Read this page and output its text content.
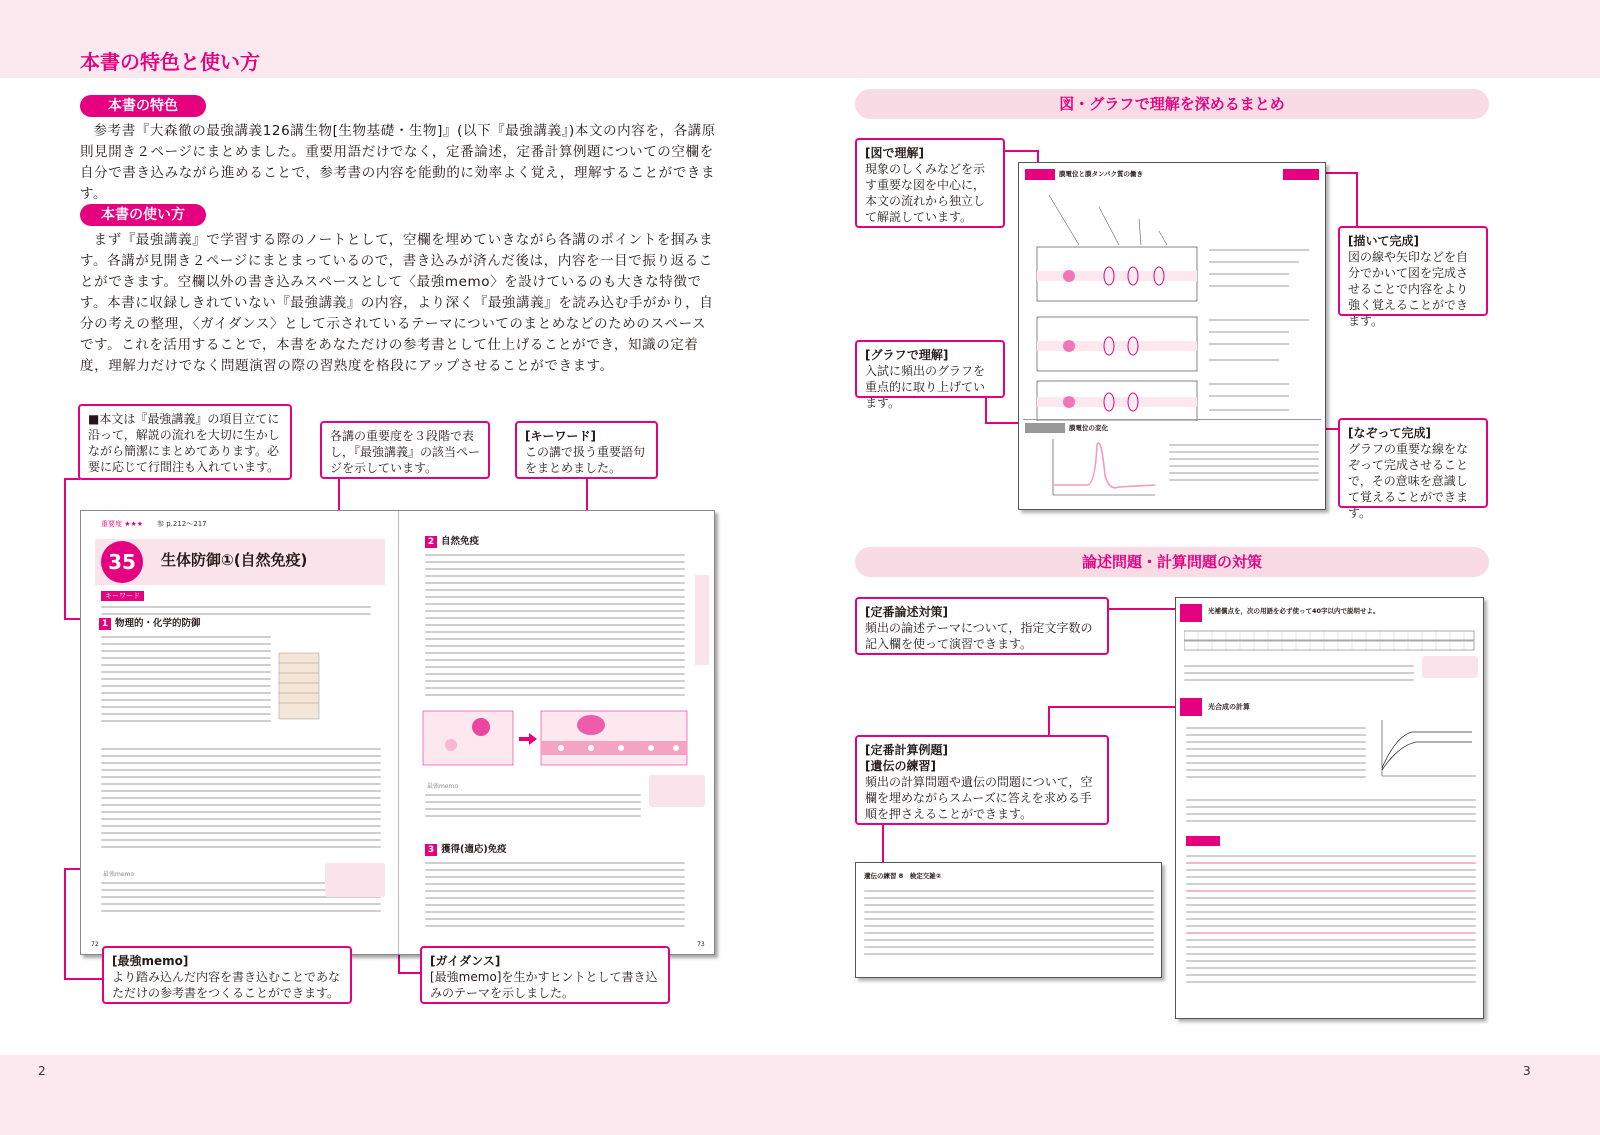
本書の特色と使い方
本書の特色
参考書『大森徹の最強講義126講生物[生物基礎・生物]』(以下『最強講義』)本文の内容を，各講原則見開き２ページにまとめました。重要用語だけでなく，定番論述，定番計算例題についての空欄を自分で書き込みながら進めることで，参考書の内容を能動的に効率よく覚え，理解することができます。
本書の使い方
まず『最強講義』で学習する際のノートとして，空欄を埋めていきながら各講のポイントを掴みます。各講が見開き２ページにまとまっているので，書き込みが済んだ後は，内容を一目で振り返ることができます。空欄以外の書き込みスペースとして〈最強memo〉を設けているのも大きな特徴です。本書に収録しきれていない『最強講義』の内容，より深く『最強講義』を読み込む手がかり，自分の考えの整理，〈ガイダンス〉として示されているテーマについてのまとめなどのためのスペースです。これを活用することで，本書をあなただけの参考書として仕上げることができ，知識の定着度，理解力だけでなく問題演習の際の習熟度を格段にアップさせることができます。
■本文は『最強講義』の項目立てに沿って，解説の流れを大切に生かしながら簡潔にまとめてあります。必要に応じて行間注も入れています。
各講の重要度を３段階で表し，『最強講義』の該当ページを示しています。
[キーワード]
この講で扱う重要語句をまとめました。
重要度 ★★★ 参 p.212〜217
35	生体防御①(自然免疫)
キーワード
1 物理的・化学的防御
最強memo
72
2 自然免疫
最強memo
3 獲得(適応)免疫
73
[最強memo]
より踏み込んだ内容を書き込むことであなただけの参考書をつくることができます。
[ガイダンス]
[最強memo]を生かすヒントとして書き込みのテーマを示しました。
図・グラフで理解を深めるまとめ
[図で理解]
現象のしくみなどを示す重要な図を中心に，本文の流れから独立して解説しています。
[グラフで理解]
入試に頻出のグラフを重点的に取り上げています。
[描いて完成]
図の線や矢印などを自分でかいて図を完成させることで内容をより強く覚えることができます。
[なぞって完成]
グラフの重要な線をなぞって完成させることで，その意味を意識して覚えることができます。
膜電位と膜タンパク質の働き
膜電位の変化
論述問題・計算問題の対策
[定番論述対策]
頻出の論述テーマについて，指定文字数の記入欄を使って演習できます。
[定番計算例題]
[遺伝の練習]
頻出の計算問題や遺伝の問題について，空欄を埋めながらスムーズに答えを求める手順を押さえることができます。
光補償点を，次の用語を必ず使って40字以内で説明せよ。
光合成の計算
遺伝の練習 8　検定交雑②
2	3
